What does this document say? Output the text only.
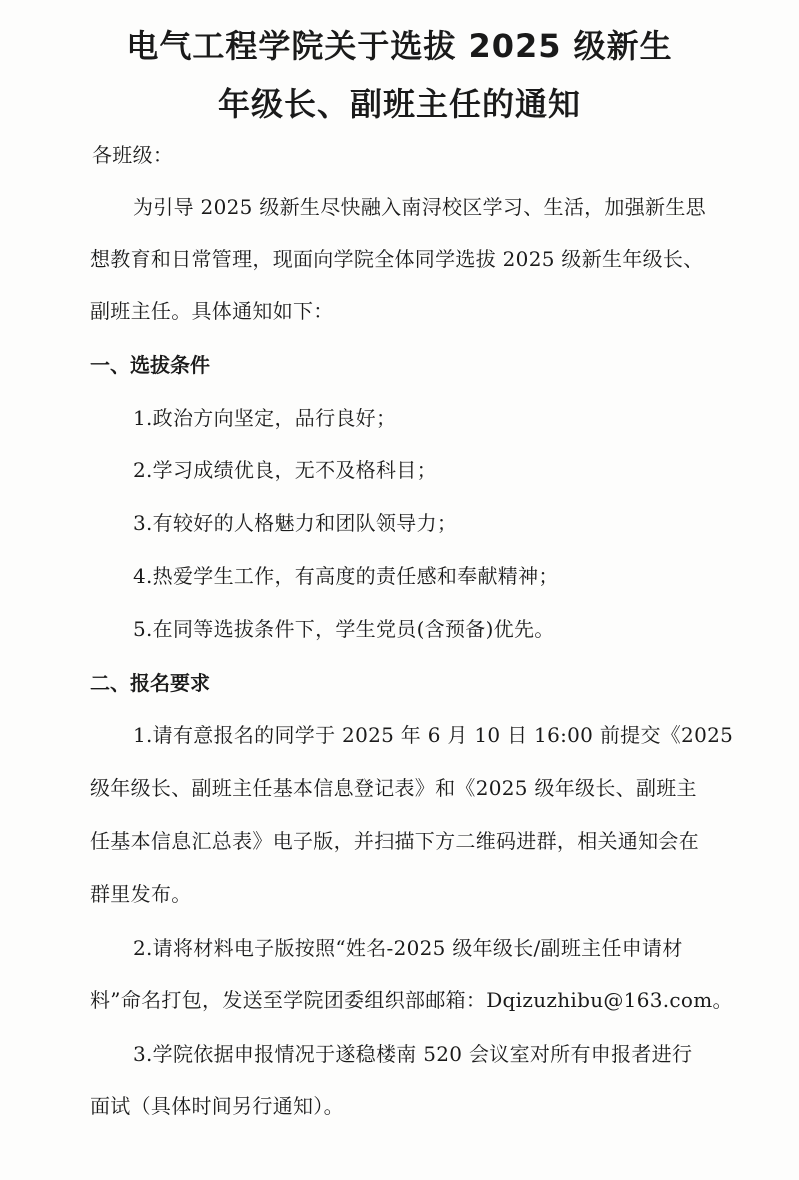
电气工程学院关于选拔 2025 级新生
年级长、副班主任的通知
各班级：
为引导 2025 级新生尽快融入南浔校区学习、生活，加强新生思
想教育和日常管理，现面向学院全体同学选拔 2025 级新生年级长、
副班主任。具体通知如下：
一、选拔条件
1.政治方向坚定，品行良好；
2.学习成绩优良，无不及格科目；
3.有较好的人格魅力和团队领导力；
4.热爱学生工作，有高度的责任感和奉献精神；
5.在同等选拔条件下，学生党员(含预备)优先。
二、报名要求
1.请有意报名的同学于 2025 年 6 月 10 日 16:00 前提交《2025
级年级长、副班主任基本信息登记表》和《2025 级年级长、副班主
任基本信息汇总表》电子版，并扫描下方二维码进群，相关通知会在
群里发布。
2.请将材料电子版按照“姓名-2025 级年级长/副班主任申请材
料”命名打包，发送至学院团委组织部邮箱：Dqizuzhibu@163.com。
3.学院依据申报情况于遂稳楼南 520 会议室对所有申报者进行
面试（具体时间另行通知）。
